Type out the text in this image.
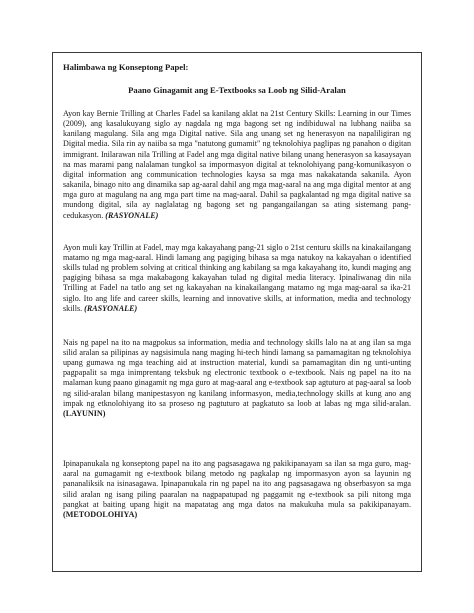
Halimbawa ng Konseptong Papel:

Paano Ginagamit ang E-Textbooks sa Loob ng Silid-Aralan

Ayon kay Bernie Trilling at Charles Fadel sa kanilang aklat na 21st Century Skills: Learning in our Times (2009), ang kasalukuyang siglo ay nagdala ng mga bagong set ng indibiduwal na lubhang naiiba sa kanilang magulang. Sila ang mga Digital native. Sila ang unang set ng henerasyon na napaliligiran ng Digital media. Sila rin ay naiiba sa mga "natutong gumamit" ng teknolohiya paglipas ng panahon o digitan immigrant. Inilarawan nila Trilling at Fadel ang mga digital native bilang unang henerasyon sa kasaysayan na mas marami pang nalalaman tungkol sa impormasyon digital at teknolohiyang pang-komunikasyon o digital information ang communication technologies kaysa sa mga mas nakakatanda sakanila. Ayon sakanila, binago nito ang dinamika sap ag-aaral dahil ang mga mag-aaral na ang mga digital mentor at ang mga guro at magulang na ang mga part time na mag-aaral. Dahil sa pagkalantad ng mga digital native sa mundong digital, sila ay naglalatag ng bagong set ng pangangailangan sa ating sistemang pang-cedukasyon. (RASYONALE)

Ayon muli kay Trillin at Fadel, may mga kakayahang pang-21 siglo o 21st centuru skills na kinakailangang matamo ng mga mag-aaral. Hindi lamang ang pagiging bihasa sa mga natukoy na kakayahan o identified skills tulad ng problem solving at critical thinking ang kabilang sa mga kakayahang ito, kundi maging ang pagiging bihasa sa mga makabagong kakayahan tulad ng digital media literacy. Ipinaliwanag din nila Trilling at Fadel na tatlo ang set ng kakayahan na kinakailangang matamo ng mga mag-aaral sa ika-21 siglo. Ito ang life and career skills, learning and innovative skills, at information, media and technology skills. (RASYONALE)

Nais ng papel na ito na magpokus sa information, media and technology skills lalo na at ang ilan sa mga silid aralan sa pilipinas ay nagsisimula nang maging hi-tech hindi lamang sa pamamagitan ng teknolohiya upang gumawa ng mga teaching aid at instruction material, kundi sa pamamagitan din ng unti-unting pagpapalit sa mga inimprentang teksbuk ng electronic textbook o e-textbook. Nais ng papel na ito na malaman kung paano ginagamit ng mga guro at mag-aaral ang e-textbook sap agtuturo at pag-aaral sa loob ng silid-aralan bilang manipestasyon ng kanilang informasyon, media,technology skills at kung ano ang impak ng etknolohiyang ito sa proseso ng pagtuturo at pagkatuto sa loob at labas ng mga silid-aralan.(LAYUNIN)

Ipinapanukala ng konseptong papel na ito ang pagsasagawa ng pakikipanayam sa ilan sa mga guro, mag-aaral na gumagamit ng e-textbook bilang metodo ng pagkalap ng impormasyon ayon sa layunin ng pananaliksik na isinasagawa. Ipinapanukala rin ng papel na ito ang pagsasagawa ng obserbasyon sa mga silid aralan ng isang piling paaralan na nagpapatupad ng paggamit ng e-textbook sa pili nitong mga pangkat at baiting upang higit na mapatatag ang mga datos na makukuha mula sa pakikipanayam. (METODOLOHIYA)
